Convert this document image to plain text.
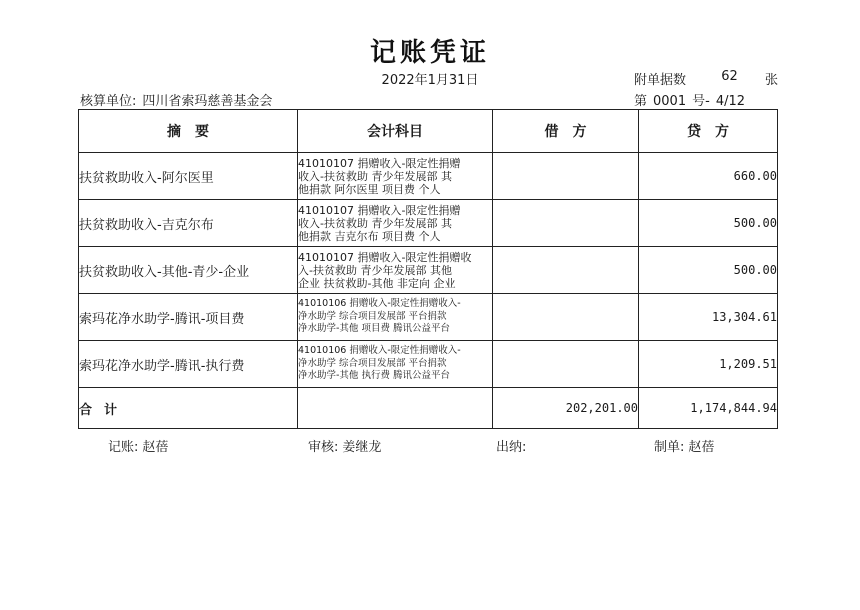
记账凭证
2022年1月31日	附单据数	62 张
核算单位: 四川省索玛慈善基金会	第 0001 号- 4/12
摘　要	会计科目	借　方	贷　方
扶贫救助收入-阿尔医里	41010107 捐赠收入-限定性捐赠
收入-扶贫救助 青少年发展部 其
他捐款 阿尔医里 项目费 个人		660.00
扶贫救助收入-吉克尔布	41010107 捐赠收入-限定性捐赠
收入-扶贫救助 青少年发展部 其
他捐款 吉克尔布 项目费 个人		500.00
扶贫救助收入-其他-青少-企业	41010107 捐赠收入-限定性捐赠收
入-扶贫救助 青少年发展部 其他
企业 扶贫救助-其他 非定向 企业		500.00
索玛花净水助学-腾讯-项目费	41010106 捐赠收入-限定性捐赠收入-
净水助学 综合项目发展部 平台捐款
净水助学-其他 项目费 腾讯公益平台		13,304.61
索玛花净水助学-腾讯-执行费	41010106 捐赠收入-限定性捐赠收入-
净水助学 综合项目发展部 平台捐款
净水助学-其他 执行费 腾讯公益平台		1,209.51
合计		202,201.00	1,174,844.94
记账: 赵蓓	审核: 姜继龙	出纳:	制单: 赵蓓
